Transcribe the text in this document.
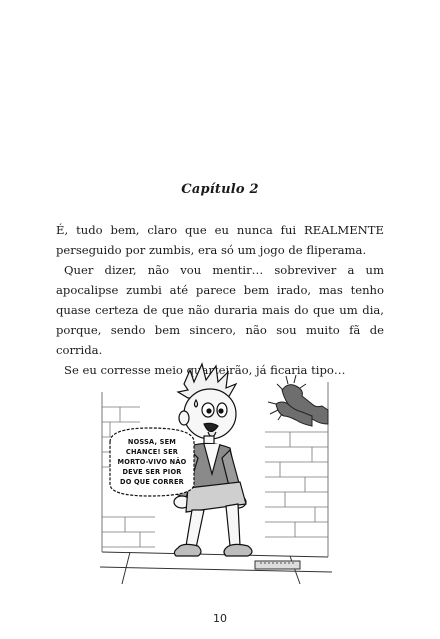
Capítulo 2

É, tudo bem, claro que eu nunca fui REALMENTE perseguido por zumbis, era só um jogo de fliperama.

Quer dizer, não vou mentir… sobreviver a um apocalipse zumbi até parece bem irado, mas tenho quase certeza de que não duraria mais do que um dia, porque, sendo bem sincero, não sou muito fã de corrida.

Se eu corresse meio quarteirão, já ficaria tipo…

NOSSA, SEM
CHANCE! SER
MORTO-VIVO NÃO
DEVE SER PIOR
DO QUE CORRER
10
